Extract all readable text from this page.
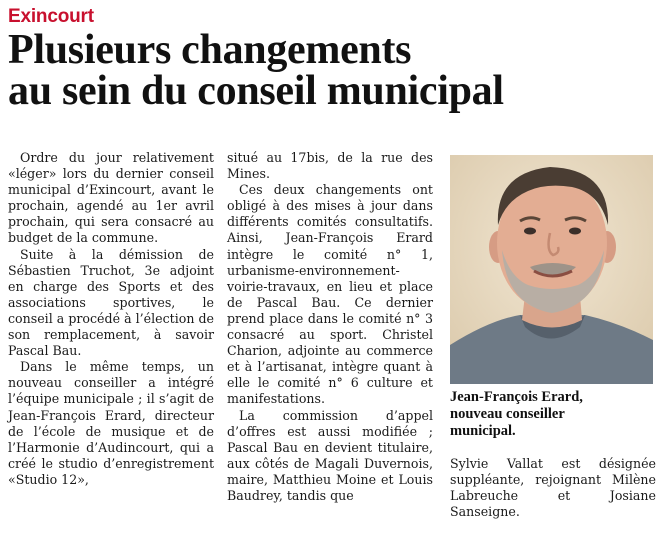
Exincourt
Plusieurs changements
au sein du conseil municipal

Ordre du jour relativement «léger» lors du dernier conseil municipal d’Exincourt, avant le prochain, agendé au 1er avril prochain, qui sera consacré au budget de la commune.

Suite à la démission de Sébastien Truchot, 3e adjoint en charge des Sports et des associations sportives, le conseil a procédé à l’élection de son remplacement, à savoir Pascal Bau.

Dans le même temps, un nouveau conseiller a intégré l’équipe municipale ; il s’agit de Jean-François Erard, directeur de l’école de musique et de l’Harmonie d’Audincourt, qui a créé le studio d’enregistrement «Studio 12»,

situé au 17bis, de la rue des Mines.

Ces deux changements ont obligé à des mises à jour dans différents comités consultatifs. Ainsi, Jean-François Erard intègre le comité n° 1, urbanisme-environnement-voirie-travaux, en lieu et place de Pascal Bau. Ce dernier prend place dans le comité n° 3 consacré au sport. Christel Charion, adjointe au commerce et à l’artisanat, intègre quant à elle le comité n° 6 culture et manifestations.

La commission d’appel d’offres est aussi modifiée ; Pascal Bau en devient titulaire, aux côtés de Magali Duvernois, maire, Matthieu Moine et Louis Baudrey, tandis que

Jean-François Erard,
nouveau conseiller
municipal.

Sylvie Vallat est désignée suppléante, rejoignant Milène Labreuche et Josiane Sanseigne.
